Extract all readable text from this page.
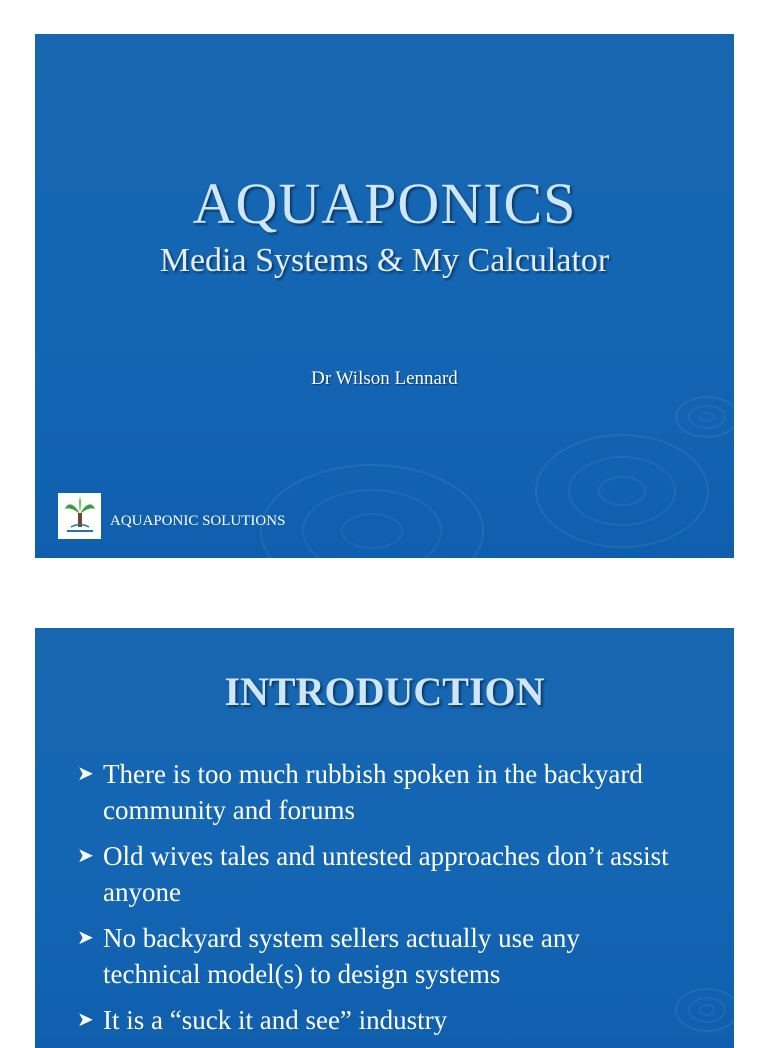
AQUAPONICS
Media Systems & My Calculator
Dr Wilson Lennard
AQUAPONIC SOLUTIONS
INTRODUCTION
➤ There is too much rubbish spoken in the backyard community and forums
➤ Old wives tales and untested approaches don’t assist anyone
➤ No backyard system sellers actually use any technical model(s) to design systems
➤ It is a “suck it and see” industry
